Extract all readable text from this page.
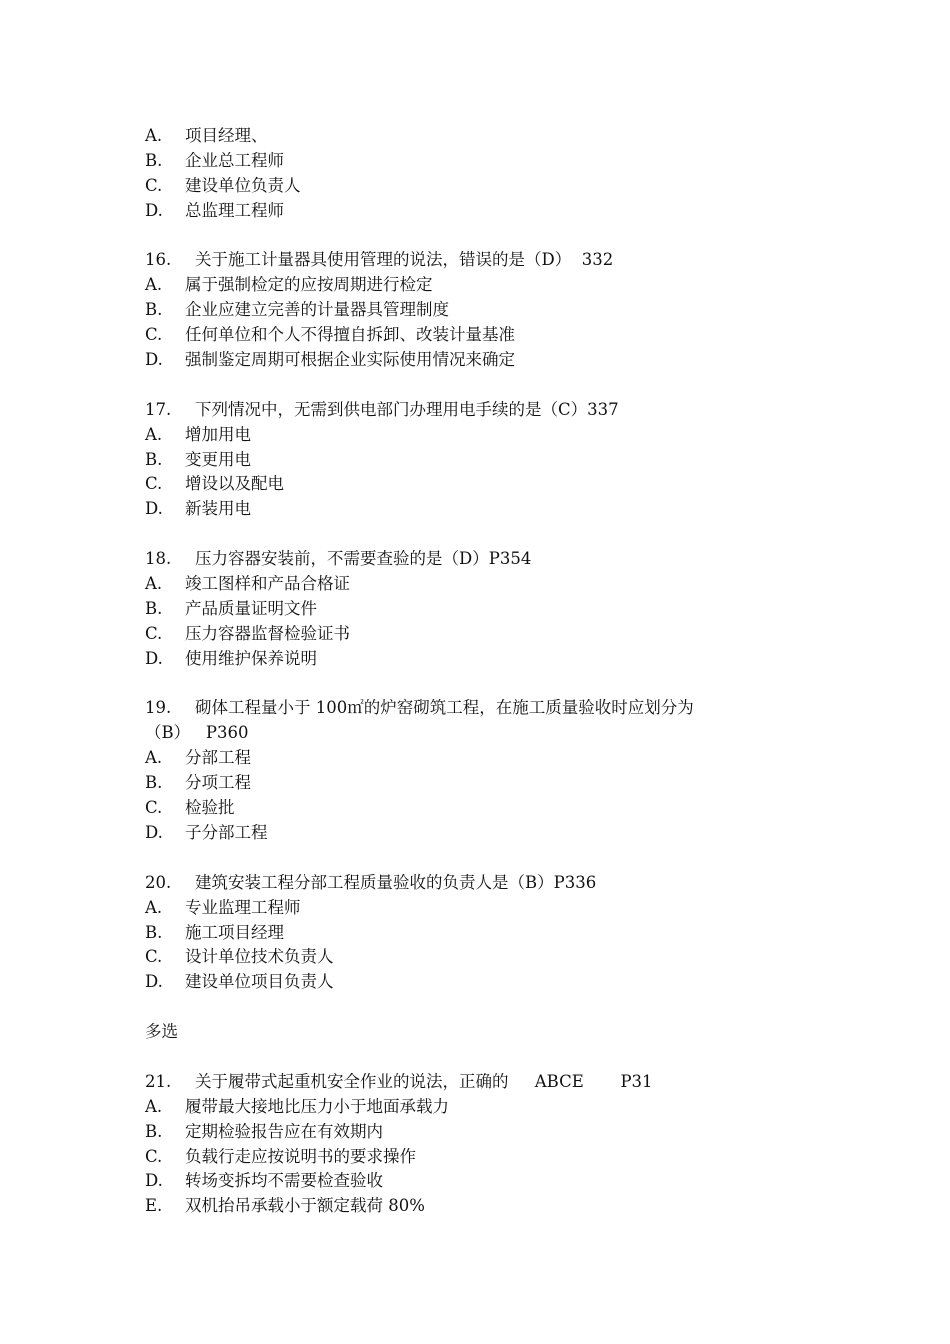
A.	项目经理、
B.	企业总工程师
C.	建设单位负责人
D.	总监理工程师
16. 关于施工计量器具使用管理的说法，错误的是（D）  332
A.	属于强制检定的应按周期进行检定
B.	企业应建立完善的计量器具管理制度
C.	任何单位和个人不得擅自拆卸、改装计量基准
D.	强制鉴定周期可根据企业实际使用情况来确定
17. 下列情况中，无需到供电部门办理用电手续的是（C）337
A.	增加用电
B.	变更用电
C.	增设以及配电
D.	新装用电
18. 压力容器安装前，不需要查验的是（D）P354
A.	竣工图样和产品合格证
B.	产品质量证明文件
C.	压力容器监督检验证书
D.	使用维护保养说明
19. 砌体工程量小于 100㎡的炉窑砌筑工程，在施工质量验收时应划分为
（B）   P360
A.	分部工程
B.	分项工程
C.	检验批
D.	子分部工程
20. 建筑安装工程分部工程质量验收的负责人是（B）P336
A.	专业监理工程师
B.	施工项目经理
C.	设计单位技术负责人
D.	建设单位项目负责人
多选
21. 关于履带式起重机安全作业的说法，正确的     ABCE       P31
A.	履带最大接地比压力小于地面承载力
B.	定期检验报告应在有效期内
C.	负载行走应按说明书的要求操作
D.	转场变拆均不需要检查验收
E.	双机抬吊承载小于额定载荷 80%
